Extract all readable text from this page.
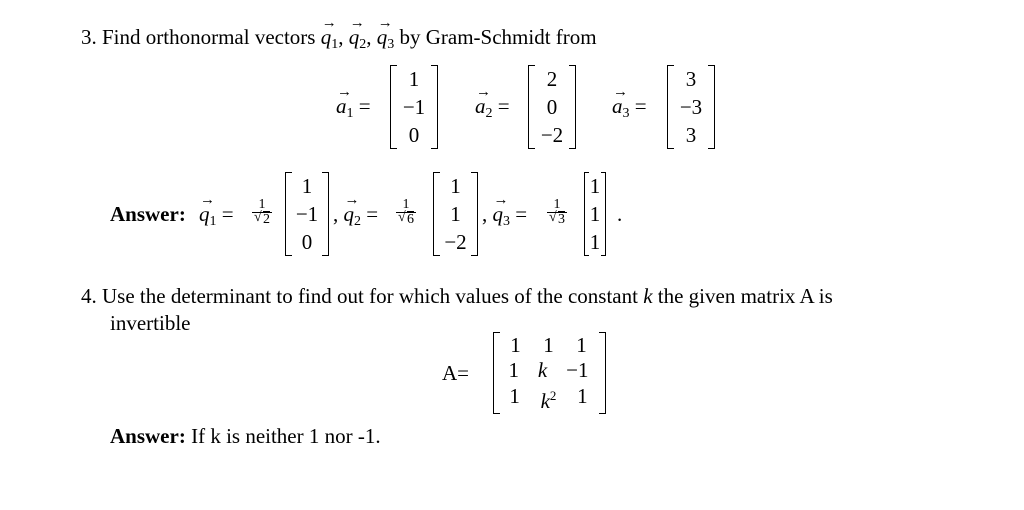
3. Find orthonormal vectors → $q_1$, → $q_2$, → $q_3$ by Gram-Schmidt from
→ $a_1$ =
1
−1
0
→ $a_2$ =
2
0
−2
→ $a_3$ =
3
−3
3
Answer: → $q_1 = 1$
√ 2
1
−1
0
, → $q_2 = 1$
√ 6
1
1
−2
, → $q_3 = 1$
√ 3
1
1
1
.
4. Use the determinant to find out for which values of the constant k the given matrix A is
invertible
A=
1 1 1
1 k −1
1 $k^2$ 1
Answer: If k is neither 1 nor -1.
